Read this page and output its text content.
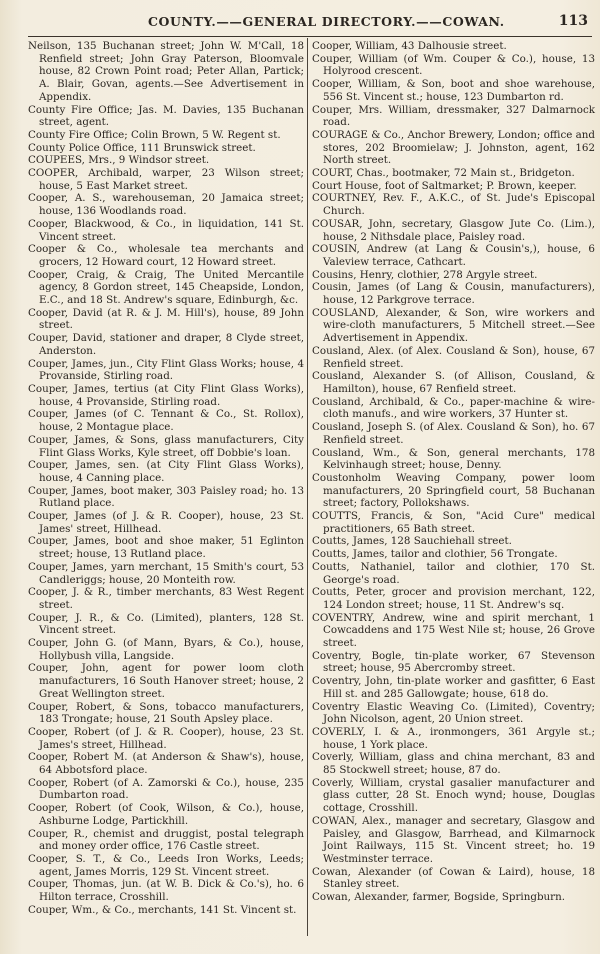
COUNTY.——GENERAL DIRECTORY.——COWAN.	113
Neilson, 135 Buchanan street; John W. M'Call, 18 Renfield street; John Gray Paterson, Bloomvale house, 82 Crown Point road; Peter Allan, Partick; A. Blair, Govan, agents.—See Advertisement in Appendix.
County Fire Office; Jas. M. Davies, 135 Buchanan street, agent.
County Fire Office; Colin Brown, 5 W. Regent st.
County Police Office, 111 Brunswick street.
COUPEES, Mrs., 9 Windsor street.
COOPER, Archibald, warper, 23 Wilson street; house, 5 East Market street.
Cooper, A. S., warehouseman, 20 Jamaica street; house, 136 Woodlands road.
Cooper, Blackwood, & Co., in liquidation, 141 St. Vincent street.
Cooper & Co., wholesale tea merchants and grocers, 12 Howard court, 12 Howard street.
Cooper, Craig, & Craig, The United Mercantile agency, 8 Gordon street, 145 Cheapside, London, E.C., and 18 St. Andrew's square, Edinburgh, &c.
Cooper, David (at R. & J. M. Hill's), house, 89 John street.
Couper, David, stationer and draper, 8 Clyde street, Anderston.
Couper, James, jun., City Flint Glass Works; house, 4 Provanside, Stirling road.
Couper, James, tertius (at City Flint Glass Works), house, 4 Provanside, Stirling road.
Couper, James (of C. Tennant & Co., St. Rollox), house, 2 Montague place.
Couper, James, & Sons, glass manufacturers, City Flint Glass Works, Kyle street, off Dobbie's loan.
Couper, James, sen. (at City Flint Glass Works), house, 4 Canning place.
Couper, James, boot maker, 303 Paisley road; ho. 13 Rutland place.
Couper, James (of J. & R. Cooper), house, 23 St. James' street, Hillhead.
Couper, James, boot and shoe maker, 51 Eglinton street; house, 13 Rutland place.
Couper, James, yarn merchant, 15 Smith's court, 53 Candleriggs; house, 20 Monteith row.
Cooper, J. & R., timber merchants, 83 West Regent street.
Couper, J. R., & Co. (Limited), planters, 128 St. Vincent street.
Couper, John G. (of Mann, Byars, & Co.), house, Hollybush villa, Langside.
Couper, John, agent for power loom cloth manufacturers, 16 South Hanover street; house, 2 Great Wellington street.
Couper, Robert, & Sons, tobacco manufacturers, 183 Trongate; house, 21 South Apsley place.
Cooper, Robert (of J. & R. Cooper), house, 23 St. James's street, Hillhead.
Cooper, Robert M. (at Anderson & Shaw's), house, 64 Abbotsford place.
Cooper, Robert (of A. Zamorski & Co.), house, 235 Dumbarton road.
Cooper, Robert (of Cook, Wilson, & Co.), house, Ashburne Lodge, Partickhill.
Couper, R., chemist and druggist, postal telegraph and money order office, 176 Castle street.
Cooper, S. T., & Co., Leeds Iron Works, Leeds; agent, James Morris, 129 St. Vincent street.
Couper, Thomas, jun. (at W. B. Dick & Co.'s), ho. 6 Hilton terrace, Crosshill.
Couper, Wm., & Co., merchants, 141 St. Vincent st.
Cooper, William, 43 Dalhousie street.
Couper, William (of Wm. Couper & Co.), house, 13 Holyrood crescent.
Cooper, William, & Son, boot and shoe warehouse, 556 St. Vincent st.; house, 123 Dumbarton rd.
Couper, Mrs. William, dressmaker, 327 Dalmarnock road.
COURAGE & Co., Anchor Brewery, London; office and stores, 202 Broomielaw; J. Johnston, agent, 162 North street.
COURT, Chas., bootmaker, 72 Main st., Bridgeton.
Court House, foot of Saltmarket; P. Brown, keeper.
COURTNEY, Rev. F., A.K.C., of St. Jude's Episcopal Church.
COUSAR, John, secretary, Glasgow Jute Co. (Lim.), house, 2 Nithsdale place, Paisley road.
COUSIN, Andrew (at Lang & Cousin's,), house, 6 Valeview terrace, Cathcart.
Cousins, Henry, clothier, 278 Argyle street.
Cousin, James (of Lang & Cousin, manufacturers), house, 12 Parkgrove terrace.
COUSLAND, Alexander, & Son, wire workers and wire-cloth manufacturers, 5 Mitchell street.—See Advertisement in Appendix.
Cousland, Alex. (of Alex. Cousland & Son), house, 67 Renfield street.
Cousland, Alexander S. (of Allison, Cousland, & Hamilton), house, 67 Renfield street.
Cousland, Archibald, & Co., paper-machine & wire-cloth manufs., and wire workers, 37 Hunter st.
Cousland, Joseph S. (of Alex. Cousland & Son), ho. 67 Renfield street.
Cousland, Wm., & Son, general merchants, 178 Kelvinhaugh street; house, Denny.
Coustonholm Weaving Company, power loom manufacturers, 20 Springfield court, 58 Buchanan street; factory, Pollokshaws.
COUTTS, Francis, & Son, "Acid Cure" medical practitioners, 65 Bath street.
Coutts, James, 128 Sauchiehall street.
Coutts, James, tailor and clothier, 56 Trongate.
Coutts, Nathaniel, tailor and clothier, 170 St. George's road.
Coutts, Peter, grocer and provision merchant, 122, 124 London street; house, 11 St. Andrew's sq.
COVENTRY, Andrew, wine and spirit merchant, 1 Cowcaddens and 175 West Nile st; house, 26 Grove street.
Coventry, Bogle, tin-plate worker, 67 Stevenson street; house, 95 Abercromby street.
Coventry, John, tin-plate worker and gasfitter, 6 East Hill st. and 285 Gallowgate; house, 618 do.
Coventry Elastic Weaving Co. (Limited), Coventry; John Nicolson, agent, 20 Union street.
COVERLY, I. & A., ironmongers, 361 Argyle st.; house, 1 York place.
Coverly, William, glass and china merchant, 83 and 85 Stockwell street; house, 87 do.
Coverly, William, crystal gasalier manufacturer and glass cutter, 28 St. Enoch wynd; house, Douglas cottage, Crosshill.
COWAN, Alex., manager and secretary, Glasgow and Paisley, and Glasgow, Barrhead, and Kilmarnock Joint Railways, 115 St. Vincent street; ho. 19 Westminster terrace.
Cowan, Alexander (of Cowan & Laird), house, 18 Stanley street.
Cowan, Alexander, farmer, Bogside, Springburn.
